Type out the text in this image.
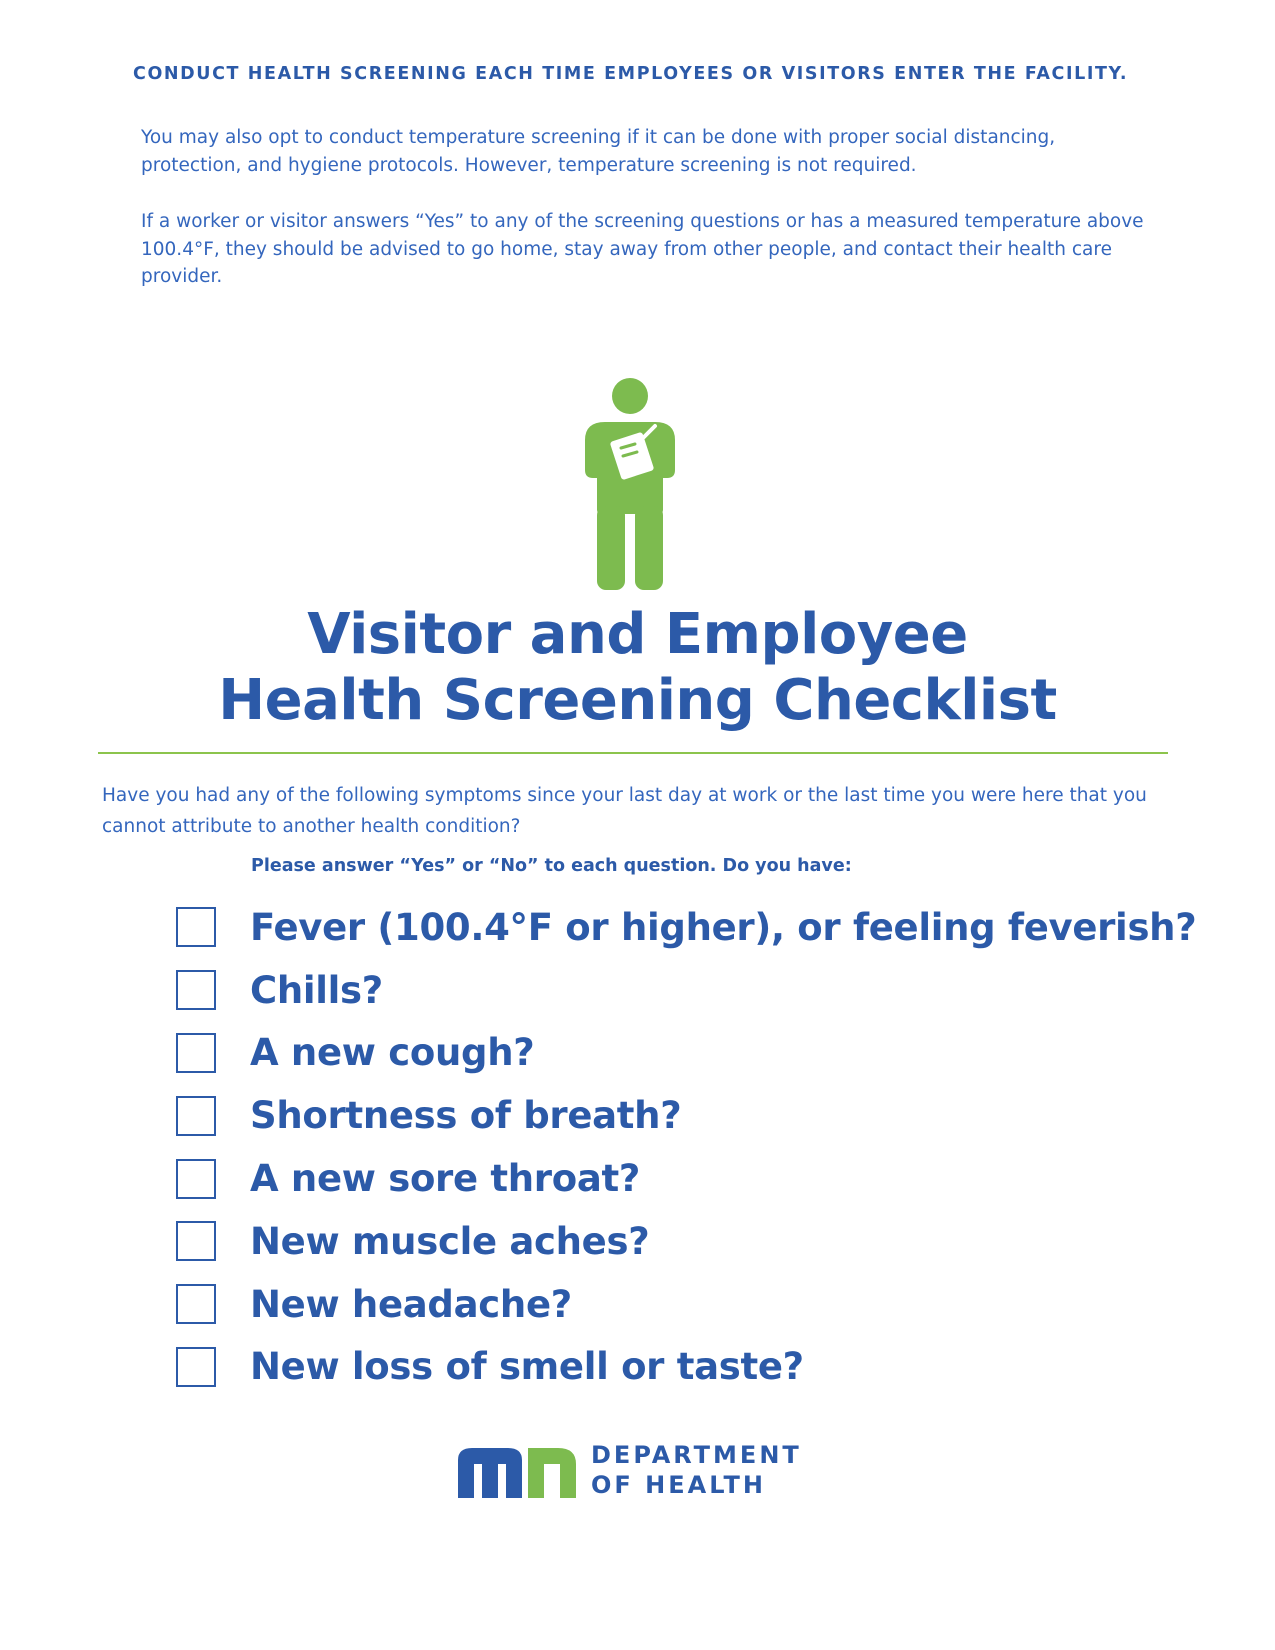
CONDUCT HEALTH SCREENING EACH TIME EMPLOYEES OR VISITORS ENTER THE FACILITY.

You may also opt to conduct temperature screening if it can be done with proper social distancing, protection, and hygiene protocols. However, temperature screening is not required.

If a worker or visitor answers “Yes” to any of the screening questions or has a measured temperature above 100.4°F, they should be advised to go home, stay away from other people, and contact their health care provider.

Visitor and Employee
Health Screening Checklist

Have you had any of the following symptoms since your last day at work or the last time you were here that you cannot attribute to another health condition?

Please answer “Yes” or “No” to each question. Do you have:
Fever (100.4°F or higher), or feeling feverish?
Chills?
A new cough?
Shortness of breath?
A new sore throat?
New muscle aches?
New headache?
New loss of smell or taste?
DEPARTMENT
OF HEALTH
